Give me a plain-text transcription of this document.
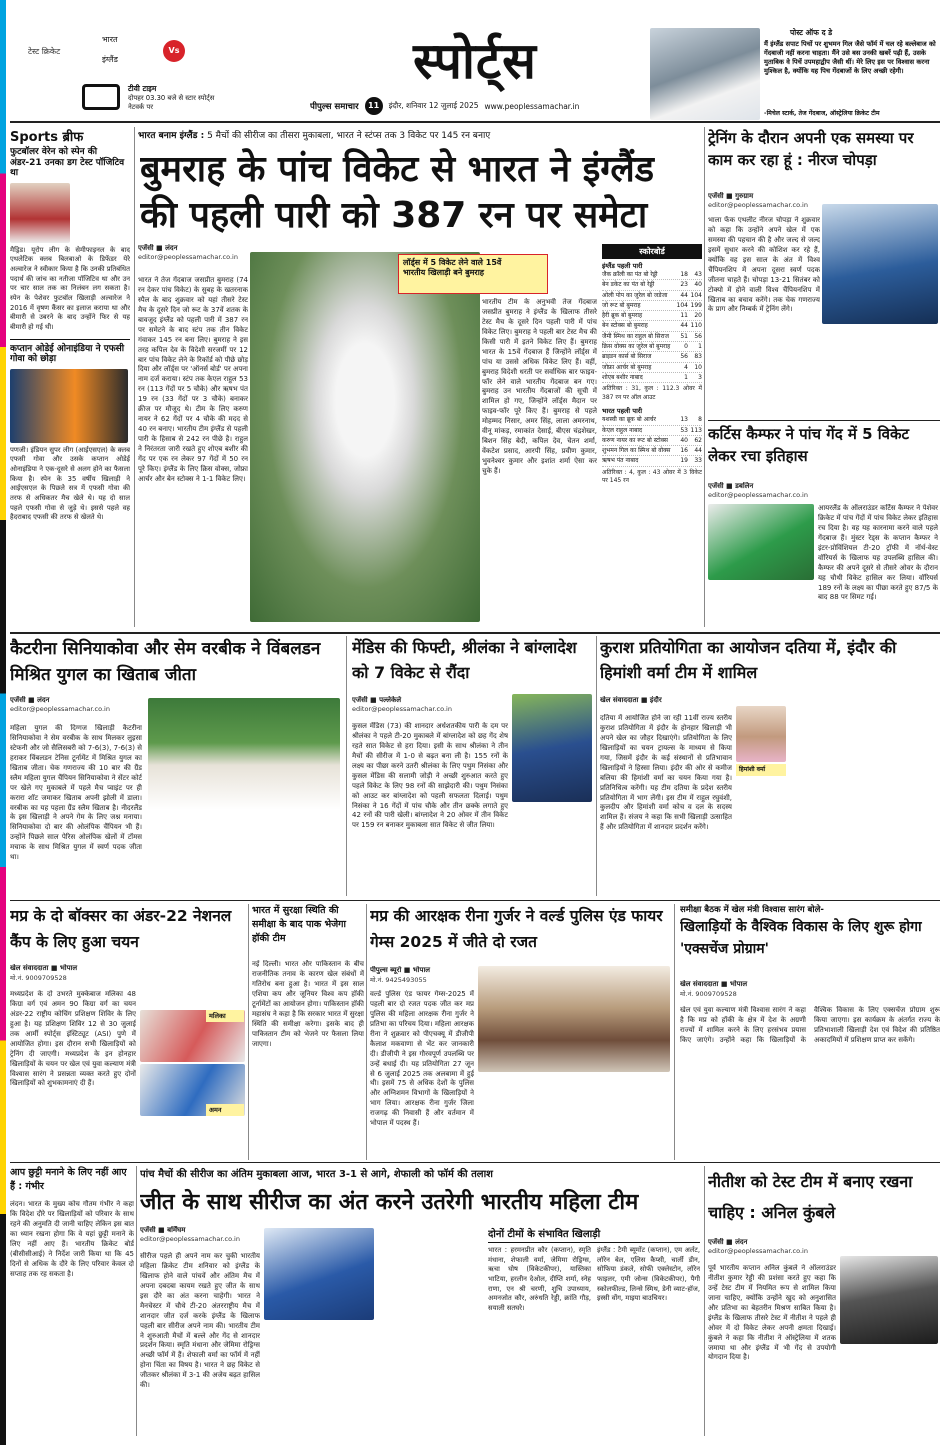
टेस्ट क्रिकेट
भारत
इंग्लैंड
Vs
टीवी टाइम
दोपहर 03.30 बजे से स्टार स्पोर्ट्स नेटवर्क पर
स्पोर्ट्स
पीपुल्स समाचार	11	इंदौर, शनिवार 12 जुलाई 2025 www.peoplessamachar.in
पोस्ट ऑफ द डे
मैं इंग्लैंड सपाट पिचों पर शुभमन गिल जैसे फॉर्म में चल रहे बल्लेबाज को गेंदबाजी नहीं करना चाहता। मैंने उसे बस उनकी खबरें पढ़ी हैं, उसके मुताबिक वे पिचें उपमहाद्वीप जैसी थीं। मेरे लिए इस पर विश्वास करना मुश्किल है, क्योंकि यह पिच गेंदबाजों के लिए अच्छी रहेगी।
-मिचेल स्टार्क, तेज गेंदबाज, ऑस्ट्रेलिया क्रिकेट टीम
Sports ब्रीफ
फुटबॉलर वेरेन को स्पेन की अंडर-21 उनका डग टेस्ट पॉजिटिव था
मैड्रिड। यूरोप लीग के सेमीफाइनल के बाद एथलेटिक क्लब बिलबाओ के डिफेंडर येरे अल्वारेज ने स्वीकार किया है कि उनकी प्रतिबंधित पदार्थ की जांच का नतीजा पॉजिटिव था और उन पर चार साल तक का निलंबन लग सकता है। स्पेन के पेशेवर फुटबॉल खिलाड़ी अल्वारेज ने 2016 में वृषण कैंसर का इलाज कराया था और बीमारी से उबरने के बाद उन्होंने फिर से यह बीमारी हो गई थी।
कप्तान ओडेई ओनाइंडिया ने एफसी गोवा को छोड़ा
पणजी। इंडियन सुपर लीग (आईएसएल) के क्लब एफसी गोवा और उसके कप्तान ओडेई ओनाइंडिया ने एक-दूसरे से अलग होने का फैसला किया है। स्पेन के 35 वर्षीय खिलाड़ी ने आईएसएल के पिछले सत्र में एफसी गोवा की तरफ से अधिकतर मैच खेले थे। यह दो साल पहले एफसी गोवा से जुड़े थे। इससे पहले वह हैदराबाद एफसी की तरफ से खेलते थे।
भारत बनाम इंग्लैंड : 5 मैचों की सीरीज का तीसरा मुकाबला, भारत ने स्टंप्स तक 3 विकेट पर 145 रन बनाए
बुमराह के पांच विकेट से भारत ने इंग्लैंड
की पहली पारी को 387 रन पर समेटा
एजेंसी ■ लंदन
editor@peoplessamachar.co.in
लॉर्ड्स में 5 विकेट लेने वाले 15वें
भारतीय खिलाड़ी बने बुमराह
भारत ने तेज गेंदबाज जसप्रीत बुमराह (74 रन देकर पांच विकेट) के सुबह के खतरनाक स्पैल के बाद शुक्रवार को यहां तीसरे टेस्ट मैच के दूसरे दिन जो रूट के 37वें शतक के बावजूद इंग्लैंड को पहली पारी में 387 रन पर समेटने के बाद स्टंप तक तीन विकेट गंवाकर 145 रन बना लिए। बुमराह ने इस तरह कपिल देव के विदेशी सरजमीं पर 12 बार पांच विकेट लेने के रिकॉर्ड को पीछे छोड़ दिया और लॉर्ड्स पर 'ऑनर्स बोर्ड' पर अपना नाम दर्ज कराया। स्टंप तक केएल राहुल 53 रन (113 गेंदों पर 5 चौके) और ऋषभ पंत 19 रन (33 गेंदों पर 3 चौके) बनाकर क्रीज पर मौजूद थे। टीम के लिए करुण नायर ने 62 गेंदों पर 4 चौके की मदद से 40 रन बनाए। भारतीय टीम इंग्लैंड से पहली पारी के हिसाब से 242 रन पीछे है। राहुल ने निरंतरता जारी रखते हुए शोएब बशीर की गेंद पर एक रन लेकर 97 गेंदों में 50 रन पूरे किए। इंग्लैंड के लिए क्रिस वोक्स, जोफ्रा आर्चर और बेन स्टोक्स ने 1-1 विकेट लिए।
भारतीय टीम के अनुभवी तेज गेंदबाज जसप्रीत बुमराह ने इंग्लैंड के खिलाफ तीसरे टेस्ट मैच के दूसरे दिन पहली पारी में पांच विकेट लिए। बुमराह ने पहली बार टेस्ट मैच की किसी पारी में इतने विकेट लिए हैं। बुमराह भारत के 15वें गेंदबाज हैं जिन्होंने लॉर्ड्स में पांच या उससे अधिक विकेट लिए हैं। वहीं, बुमराह विदेशी धरती पर सर्वाधिक बार फाइव-फॉर लेने वाले भारतीय गेंदबाज बन गए। बुमराह उन भारतीय गेंदबाजों की सूची में शामिल हो गए, जिन्होंने लॉर्ड्स मैदान पर फाइव-फॉर पूरे किए हैं। बुमराह से पहले मोहम्मद निसार, अमर सिंह, लाला अमरनाथ, वीनू मांकड़, रमाकांत देसाई, बीएस चंद्रशेखर, बिशन सिंह बेदी, कपिल देव, चेतन शर्मा, वेंकटेश प्रसाद, आरपी सिंह, प्रवीण कुमार, भुवनेश्वर कुमार और इशांत शर्मा ऐसा कर चुके हैं।
स्कोरबोर्ड
इंग्लैंड पहली पारी
जैक क्रॉली का पंत बो रेड्डी	18	43
बेन डकेट का पंत बो रेड्डी	23	40
ओली पोप का जुरेल बो जडेजा	44 104
जो रूट बो बुमराह	104 199
हैरी ब्रूक बो बुमराह	11	20
बेन स्टोक्स बो बुमराह	44 110
जैमी स्मिथ का राहुल बो सिराज	51	56
क्रिस वोक्स का जुरेल बो बुमराह	0	1
ब्राइडन कार्स बो सिराज	56	83
जोफ्रा आर्चर बो बुमराह	4	10
शोएब बशीर नाबाद	1	3
अतिरिक्त : 31, कुल : 112.3 ओवर में 387 रन पर ऑल आउट
भारत पहली पारी
यशस्वी का ब्रूक बो आर्चर	13	8
केएल राहुल नाबाद	53 113
करुण नायर का रूट बो स्टोक्स	40	62
शुभमन गिल का स्मिथ बो वोक्स	16	44
ऋषभ पंत नाबाद	19	33
अतिरिक्त : 4, कुल : 43 ओवर में 3 विकेट पर 145 रन
ट्रेनिंग के दौरान अपनी एक समस्या पर काम कर रहा हूं : नीरज चोपड़ा
एजेंसी ■ गुरुग्राम
editor@peoplessamachar.co.in
भाला फेंक एथलीट नीरज चोपड़ा ने शुक्रवार को कहा कि उन्होंने अपने खेल में एक समस्या की पहचान की है और जल्द से जल्द इसमें सुधार करने की कोशिश कर रहे हैं, क्योंकि वह इस साल के अंत में विश्व चैंपियनशिप में अपना दूसरा स्वर्ण पदक जीतना चाहते हैं। चोपड़ा 13-21 सितंबर को टोक्यो में होने वाली विश्व चैंपियनशिप में खिताब का बचाव करेंगे। तक चेक गणराज्य के प्राग और निम्बर्क में ट्रेनिंग लेंगे।
कर्टिस कैम्फर ने पांच गेंद में 5 विकेट लेकर रचा इतिहास
एजेंसी ■ डबलिन
editor@peoplessamachar.co.in
आयरलैंड के ऑलराउंडर कर्टिस कैम्फर ने पेशेवर क्रिकेट में पांच गेंदों में पांच विकेट लेकर इतिहास रच दिया है। वह यह कारनामा करने वाले पहले गेंदबाज हैं। मुंस्टर रेड्स के कप्तान कैम्फर ने इंटर-प्रोविंशियल टी-20 ट्रॉफी में नॉर्थ-वेस्ट वॉरियर्स के खिलाफ यह उपलब्धि हासिल की। कैम्फर की अपने दूसरे से तीसरे ओवर के दौरान यह चौथी विकेट हासिल कर लिया। वॉरियर्स 189 रनों के लक्ष्य का पीछा करते हुए 87/5 के बाद 88 पर सिमट गई।
कैटरीना सिनियाकोवा और सेम वरबीक ने विंबलडन मिश्रित युगल का खिताब जीता
एजेंसी ■ लंदन
editor@peoplessamachar.co.in
महिला युगल की दिग्गज खिलाड़ी कैटरीना सिनियाकोवा ने सेम वरबीक के साथ मिलकर लुइसा स्टेफनी और जो सैलिसबरी को 7-6(3), 7-6(3) से हराकर विंबलडन टेनिस टूर्नामेंट में मिश्रित युगल का खिताब जीता। चेक गणराज्य की 10 बार की ग्रैंड स्लैम महिला युगल चैंपियन सिनियाकोवा ने सेंटर कोर्ट पर खेले गए मुकाबले में पहले मैच प्वाइंट पर ही करारा शॉट जमाकर खिताब अपनी झोली में डाला। वरबीक का यह पहला ग्रैंड स्लैम खिताब है। नीदरलैंड के इस खिलाड़ी ने अपने गेम के लिए जश्न मनाया। सिनियाकोवा दो बार की ओलंपिक चैंपियन भी हैं। उन्होंने पिछले साल पेरिस ओलंपिक खेलों में टॉमस मचाक के साथ मिश्रित युगल में स्वर्ण पदक जीता था।
मेंडिस की फिफ्टी, श्रीलंका ने बांग्लादेश को 7 विकेट से रौंदा
एजेंसी ■ पल्लेकेले
editor@peoplessamachar.co.in
कुसल मेंडिस (73) की शानदार अर्धशतकीय पारी के दम पर श्रीलंका ने पहले टी-20 मुकाबले में बांग्लादेश को छह गेंद शेष रहते सात विकेट से हरा दिया। इसी के साथ श्रीलंका ने तीन मैचों की सीरीज में 1-0 से बढ़त बना ली है। 155 रनों के लक्ष्य का पीछा करने उतरी श्रीलंका के लिए पथुम निसंका और कुसल मेंडिस की सलामी जोड़ी ने अच्छी शुरुआत करते हुए पहले विकेट के लिए 98 रनों की साझेदारी की। पथुम निसंका को आउट कर बांग्लादेश को पहली सफलता दिलाई। पथुम निसंका ने 16 गेंदों में पांच चौके और तीन छक्के लगाते हुए 42 रनों की पारी खेली। बांग्लादेश ने 20 ओवर में तीन विकेट पर 159 रन बनाकर मुकाबला सात विकेट से जीत लिया।
कुराश प्रतियोगिता का आयोजन दतिया में, इंदौर की हिमांशी वर्मा टीम में शामिल
खेल संवाददाता ■ इंदौर
हिमांशी वर्मा
दतिया में आयोजित होने जा रही 11वीं राज्य स्तरीय कुराश प्रतियोगिता में इंदौर के होनहार खिलाड़ी भी अपने खेल का जौहर दिखाएंगे। प्रतियोगिता के लिए खिलाड़ियों का चयन ट्रायल्स के माध्यम से किया गया, जिसमें इंदौर के कई संस्थानों से प्रतिभावान खिलाड़ियों ने हिस्सा लिया। इंदौर की ओर से कमीज बलिया की हिमांशी वर्मा का चयन किया गया है। प्रतिनिधित्व करेंगी। यह टीम दतिया के प्रदेश स्तरीय प्रतियोगिता में भाग लेंगी। इस टीम में राहुल रघुवंशी, कुलदीप और हिमांशी वर्मा कोच व दल के सदस्य शामिल हैं। संजय ने कहा कि सभी खिलाड़ी उत्साहित हैं और प्रतियोगिता में शानदार प्रदर्शन करेंगे।
मप्र के दो बॉक्सर का अंडर-22 नेशनल कैंप के लिए हुआ चयन
खेल संवाददाता ■ भोपाल
मो.नं. 9009709528
मलिका
अमन
मध्यप्रदेश के दो उभरते मुक्केबाज मलिका 48 किग्रा वर्ग एवं अमन 90 किग्रा वर्ग का चयन अंडर-22 राष्ट्रीय कोचिंग प्रशिक्षण शिविर के लिए हुआ है। यह प्रशिक्षण शिविर 12 से 30 जुलाई तक आर्मी स्पोर्ट्स इंस्टिट्यूट (ASI) पुणे में आयोजित होगा। इस दौरान सभी खिलाड़ियों को ट्रेनिंग दी जाएगी। मध्यप्रदेश के इन होनहार खिलाड़ियों के चयन पर खेल एवं युवा कल्याण मंत्री विश्वास सारंग ने प्रसन्नता व्यक्त करते हुए दोनों खिलाड़ियों को शुभकामनाएं दी हैं।
भारत में सुरक्षा स्थिति की समीक्षा के बाद पाक भेजेगा हॉकी टीम
नई दिल्ली। भारत और पाकिस्तान के बीच राजनीतिक तनाव के कारण खेल संबंधों में गतिरोध बना हुआ है। भारत में इस साल एशिया कप और जूनियर विश्व कप हॉकी टूर्नामेंटों का आयोजन होगा। पाकिस्तान हॉकी महासंघ ने कहा है कि सरकार भारत में सुरक्षा स्थिति की समीक्षा करेगा। इसके बाद ही पाकिस्तान टीम को भेजने पर फैसला लिया जाएगा।
मप्र की आरक्षक रीना गुर्जर ने वर्ल्ड पुलिस एंड फायर गेम्स 2025 में जीते दो रजत
पीपुल्स ब्यूरो ■ भोपाल
मो.नं. 9425493055
वर्ल्ड पुलिस एंड फायर गेम्स-2025 में पहली बार दो रजत पदक जीत कर मप्र पुलिस की महिला आरक्षक रीना गुर्जर ने प्रतिभा का परिचय दिया। महिला आरक्षक रीना ने शुक्रवार को पीएचक्यू में डीजीपी कैलाश मकवाणा से भेंट कर जानकारी दी। डीजीपी ने इस गौरवपूर्ण उपलब्धि पर उन्हें बधाई दी। यह प्रतियोगिता 27 जून से 6 जुलाई 2025 तक अलबामा में हुई थी। इसमें 75 से अधिक देशों के पुलिस और अग्निशमन विभागों के खिलाड़ियों ने भाग लिया। आरक्षक रीना गुर्जर जिला राजगढ़ की निवासी हैं और वर्तमान में भोपाल में पदस्थ हैं।
समीक्षा बैठक में खेल मंत्री विश्वास सारंग बोले-
खिलाड़ियों के वैश्विक विकास के लिए शुरू होगा 'एक्सचेंज प्रोग्राम'
खेल संवाददाता ■ भोपाल
मो.नं. 9009709528
खेल एवं युवा कल्याण मंत्री विश्वास सारंग ने कहा है कि मप्र को हॉकी के क्षेत्र में देश के अग्रणी राज्यों में शामिल करने के लिए हरसंभव प्रयास किए जाएंगे। उन्होंने कहा कि खिलाड़ियों के वैश्विक विकास के लिए एक्सचेंज प्रोग्राम शुरू किया जाएगा। इस कार्यक्रम के अंतर्गत राज्य के प्रतिभाशाली खिलाड़ी देश एवं विदेश की प्रतिष्ठित अकादमियों में प्रशिक्षण प्राप्त कर सकेंगे।
आप छुट्टी मनाने के लिए नहीं आए हैं : गंभीर
लंदन। भारत के मुख्य कोच गौतम गंभीर ने कहा कि विदेश दौरे पर खिलाड़ियों को परिवार के साथ रहने की अनुमति दी जानी चाहिए लेकिन इस बात का ध्यान रखना होगा कि वे यहां छुट्टी मनाने के लिए नहीं आए हैं। भारतीय क्रिकेट बोर्ड (बीसीसीआई) ने निर्देश जारी किया था कि 45 दिनों से अधिक के दौरे के लिए परिवार केवल दो सप्ताह तक रह सकता है।
पांच मैचों की सीरीज का अंतिम मुकाबला आज, भारत 3-1 से आगे, शेफाली को फॉर्म की तलाश
जीत के साथ सीरीज का अंत करने उतरेगी भारतीय महिला टीम
एजेंसी ■ बर्मिंघम
editor@peoplessamachar.co.in
सीरीज पहले ही अपने नाम कर चुकी भारतीय महिला क्रिकेट टीम शनिवार को इंग्लैंड के खिलाफ होने वाले पांचवें और अंतिम मैच में अपना दबदबा कायम रखते हुए जीत के साथ इस दौरे का अंत करना चाहेगी। भारत ने मैनचेस्टर में चौथे टी-20 अंतरराष्ट्रीय मैच में शानदार जीत दर्ज करके इंग्लैंड के खिलाफ पहली बार सीरीज अपने नाम की। भारतीय टीम ने शुरुआती मैचों में बल्ले और गेंद से शानदार प्रदर्शन किया। स्मृति मंधाना और जेमिमा रोड्रिग्स अच्छी फॉर्म में हैं। शेफाली वर्मा का फॉर्म में नहीं होना चिंता का विषय है। भारत ने छह विकेट से जीतकर श्रीलंका में 3-1 की अजेय बढ़त हासिल की।
दोनों टीमों के संभावित खिलाड़ी
भारत : हरमनप्रीत कौर (कप्तान), स्मृति मंधाना, शेफाली वर्मा, जेमिमा रोड्रिग्स, ऋचा घोष (विकेटकीपर), यास्तिका भाटिया, हरलीन देओल, दीप्ति शर्मा, स्नेह राणा, एन श्री चरणी, शुचि उपाध्याय, अमनजोत कौर, अरुंधति रेड्डी, क्रांति गौड़, सयाली सतघरे।
इंग्लैंड : टैमी ब्यूमोंट (कप्तान), एम अर्लट, लॉरेन बेल, एलिस कैप्सी, चार्ली डीन, सोफिया डंकले, सोफी एक्लेस्टोन, लॉरेन फाइलर, एमी जोन्स (विकेटकीपर), पैगी स्कोलफील्ड, लिन्से स्मिथ, डेनी व्याट-हॉज, इस्सी वोंग, माइया बाउचियर।
नीतीश को टेस्ट टीम में बनाए रखना चाहिए : अनिल कुंबले
एजेंसी ■ लंदन
editor@peoplessamachar.co.in
पूर्व भारतीय कप्तान अनिल कुंबले ने ऑलराउंडर नीतीश कुमार रेड्डी की प्रशंसा करते हुए कहा कि उन्हें टेस्ट टीम में नियमित रूप से शामिल किया जाना चाहिए, क्योंकि उन्होंने खुद को अनुशासित और प्रतिभा का बेहतरीन मिश्रण साबित किया है। इंग्लैंड के खिलाफ तीसरे टेस्ट में नीतीश ने पहले ही ओवर में दो विकेट लेकर अपनी क्षमता दिखाई। कुंबले ने कहा कि नीतीश ने ऑस्ट्रेलिया में शतक जमाया था और इंग्लैंड में भी गेंद से उपयोगी योगदान दिया है।
